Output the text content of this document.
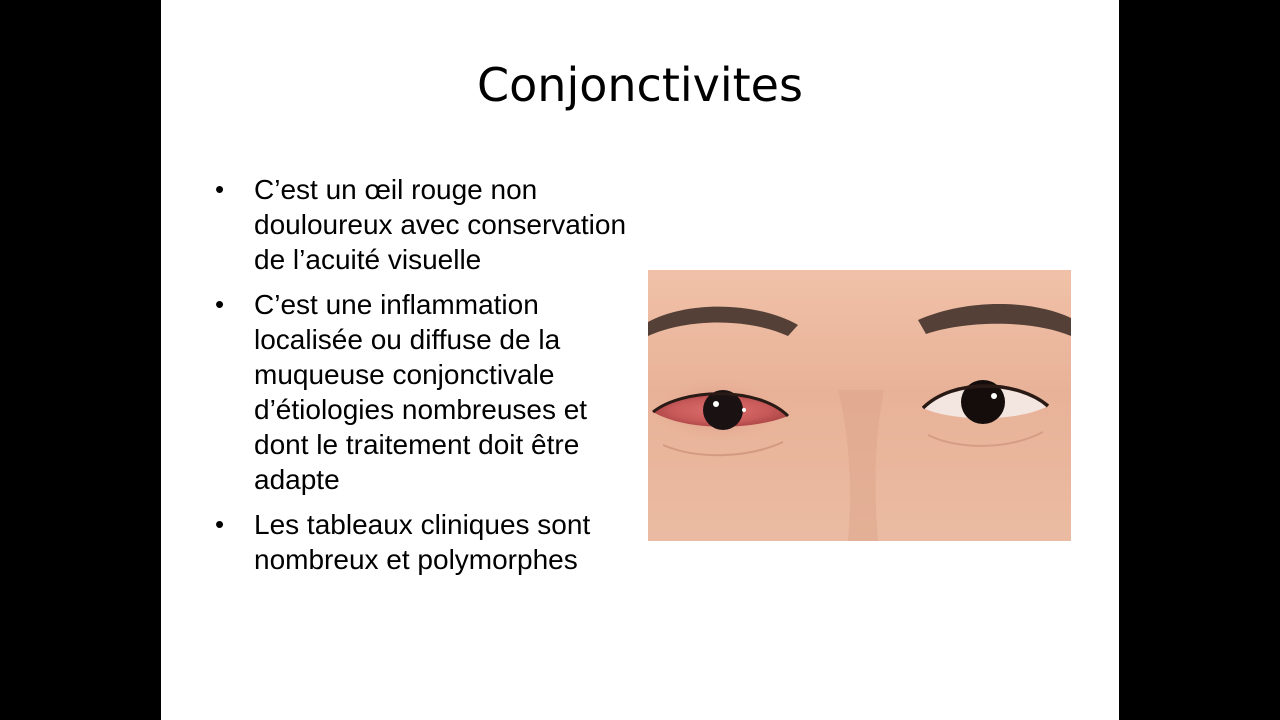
Conjonctivites
•	C’est un œil rouge non douloureux avec conservation de l’acuité visuelle
•	C’est une inflammation localisée ou diffuse de la muqueuse conjonctivale d’étiologies nombreuses et dont le traitement doit être adapte
•	Les tableaux cliniques sont nombreux et polymorphes
